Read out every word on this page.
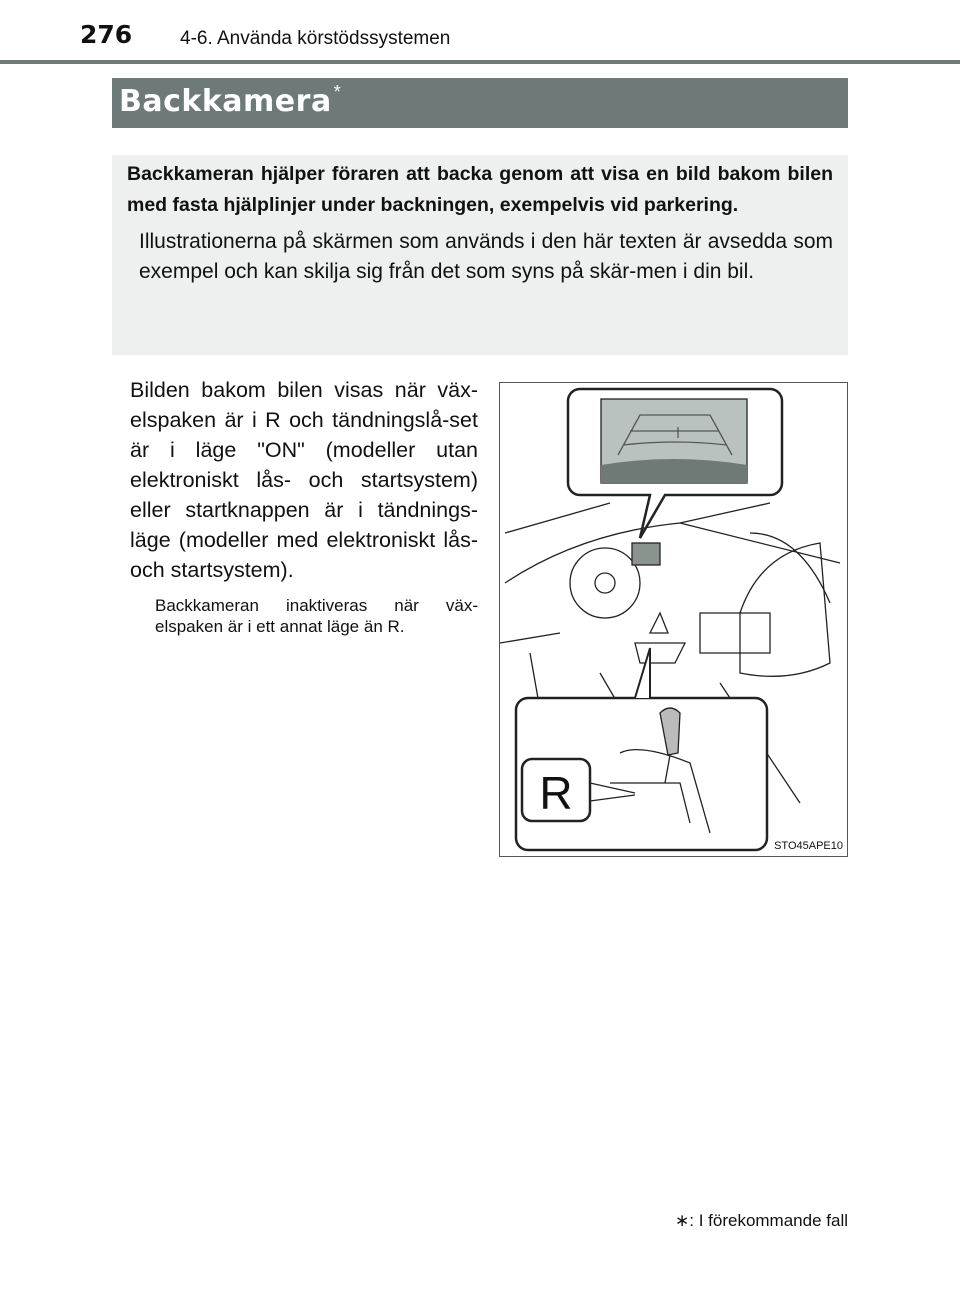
276	4-6. Använda körstödssystemen
Backkamera *
Backkameran hjälper föraren att backa genom att visa en bild bakom bilen med fasta hjälplinjer under backningen, exempelvis vid parkering.
Illustrationerna på skärmen som används i den här texten är avsedda som exempel och kan skilja sig från det som syns på skär-men i din bil.
Bilden bakom bilen visas när väx-elspaken är i R och tändningslå-set är i läge "ON" (modeller utan elektroniskt lås- och startsystem) eller startknappen är i tändnings-läge (modeller med elektroniskt lås- och startsystem).
Backkameran inaktiveras när väx-elspaken är i ett annat läge än R.
R
STO45APE10
∗: I förekommande fall
